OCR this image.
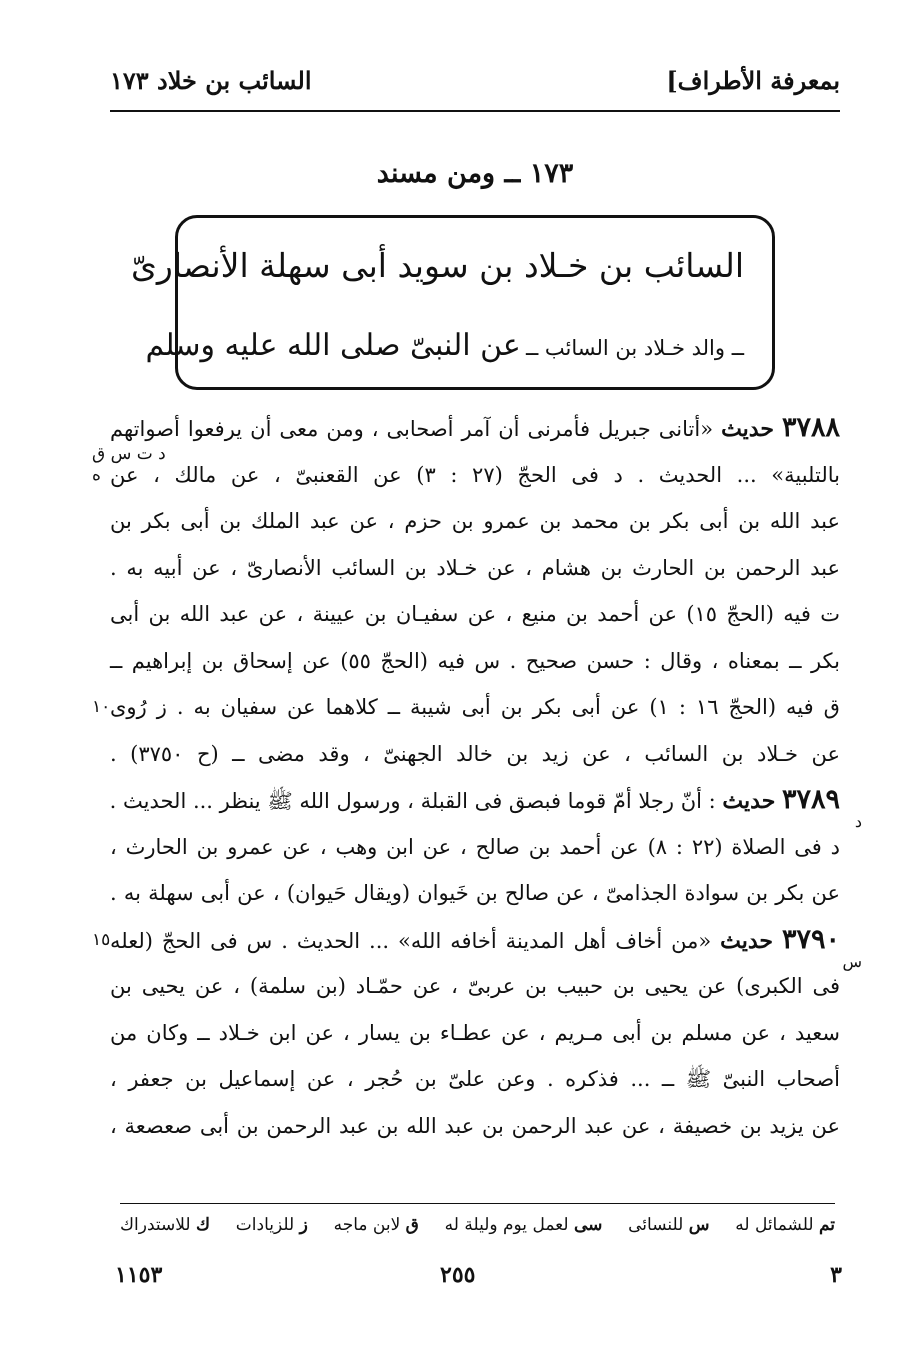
بمعرفة الأطراف]
السائب بن خلاد ١٧٣
١٧٣ ــ ومن مسند
السائب بن خـلاد بن سويد أبى سهلة الأنصارىّ
ــ والد خـلاد بن السائب ــ عن النبىّ صلى الله عليه وسلم
٣٧٨٨ حديث «أتانى جبريل فأمرنى أن آمر أصحابى ، ومن معى أن يرفعوا أصواتهم
د ت س ق
بالتلبية» ... الحديث . د فى الحجّ (٢٧ : ٣) عن القعنبىّ ، عن مالك ، عن
ه
عبد الله بن أبى بكر بن محمد بن عمرو بن حزم ، عن عبد الملك بن أبى بكر بن
عبد الرحمن بن الحارث بن هشام ، عن خـلاد بن السائب الأنصارىّ ، عن أبيه به .
ت فيه (الحجّ ١٥) عن أحمد بن منيع ، عن سفيـان بن عيينة ، عن عبد الله بن أبى
بكر ــ بمعناه ، وقال : حسن صحيح . س فيه (الحجّ ٥٥) عن إسحاق بن إبراهيم ــ
ق فيه (الحجّ ١٦ : ١) عن أبى بكر بن أبى شيبة ــ كلاهما عن سفيان به . ز رُوى
١٠
عن خـلاد بن السائب ، عن زيد بن خالد الجهنىّ ، وقد مضى ــ (ح ٣٧٥٠) .
٣٧٨٩ حديث : أنّ رجلا أمّ قوما فبصق فى القبلة ، ورسول الله ﷺ ينظر ... الحديث .
د
د فى الصلاة (٢٢ : ٨) عن أحمد بن صالح ، عن ابن وهب ، عن عمرو بن الحارث ،
عن بكر بن سوادة الجذامىّ ، عن صالح بن خَيوان (ويقال حَيوان) ، عن أبى سهلة به .
٣٧٩٠ حديث «من أخاف أهل المدينة أخافه الله» ... الحديث . س فى الحجّ (لعله
١٥
س
فى الكبرى) عن يحيى بن حبيب بن عربىّ ، عن حمّـاد (بن سلمة) ، عن يحيى بن
سعيد ، عن مسلم بن أبى مـريم ، عن عطـاء بن يسار ، عن ابن خـلاد ــ وكان من
أصحاب النبىّ ﷺ ــ ... فذكره . وعن علىّ بن حُجر ، عن إسماعيل بن جعفر ،
عن يزيد بن خصيفة ، عن عبد الرحمن بن عبد الله بن عبد الرحمن بن أبى صعصعة ،
تم للشمائل له
س للنسائى
سى لعمل يوم وليلة له
ق لابن ماجه
ز للزيادات
ك للاستدراك
٣
٢٥٥
١١٥٣
